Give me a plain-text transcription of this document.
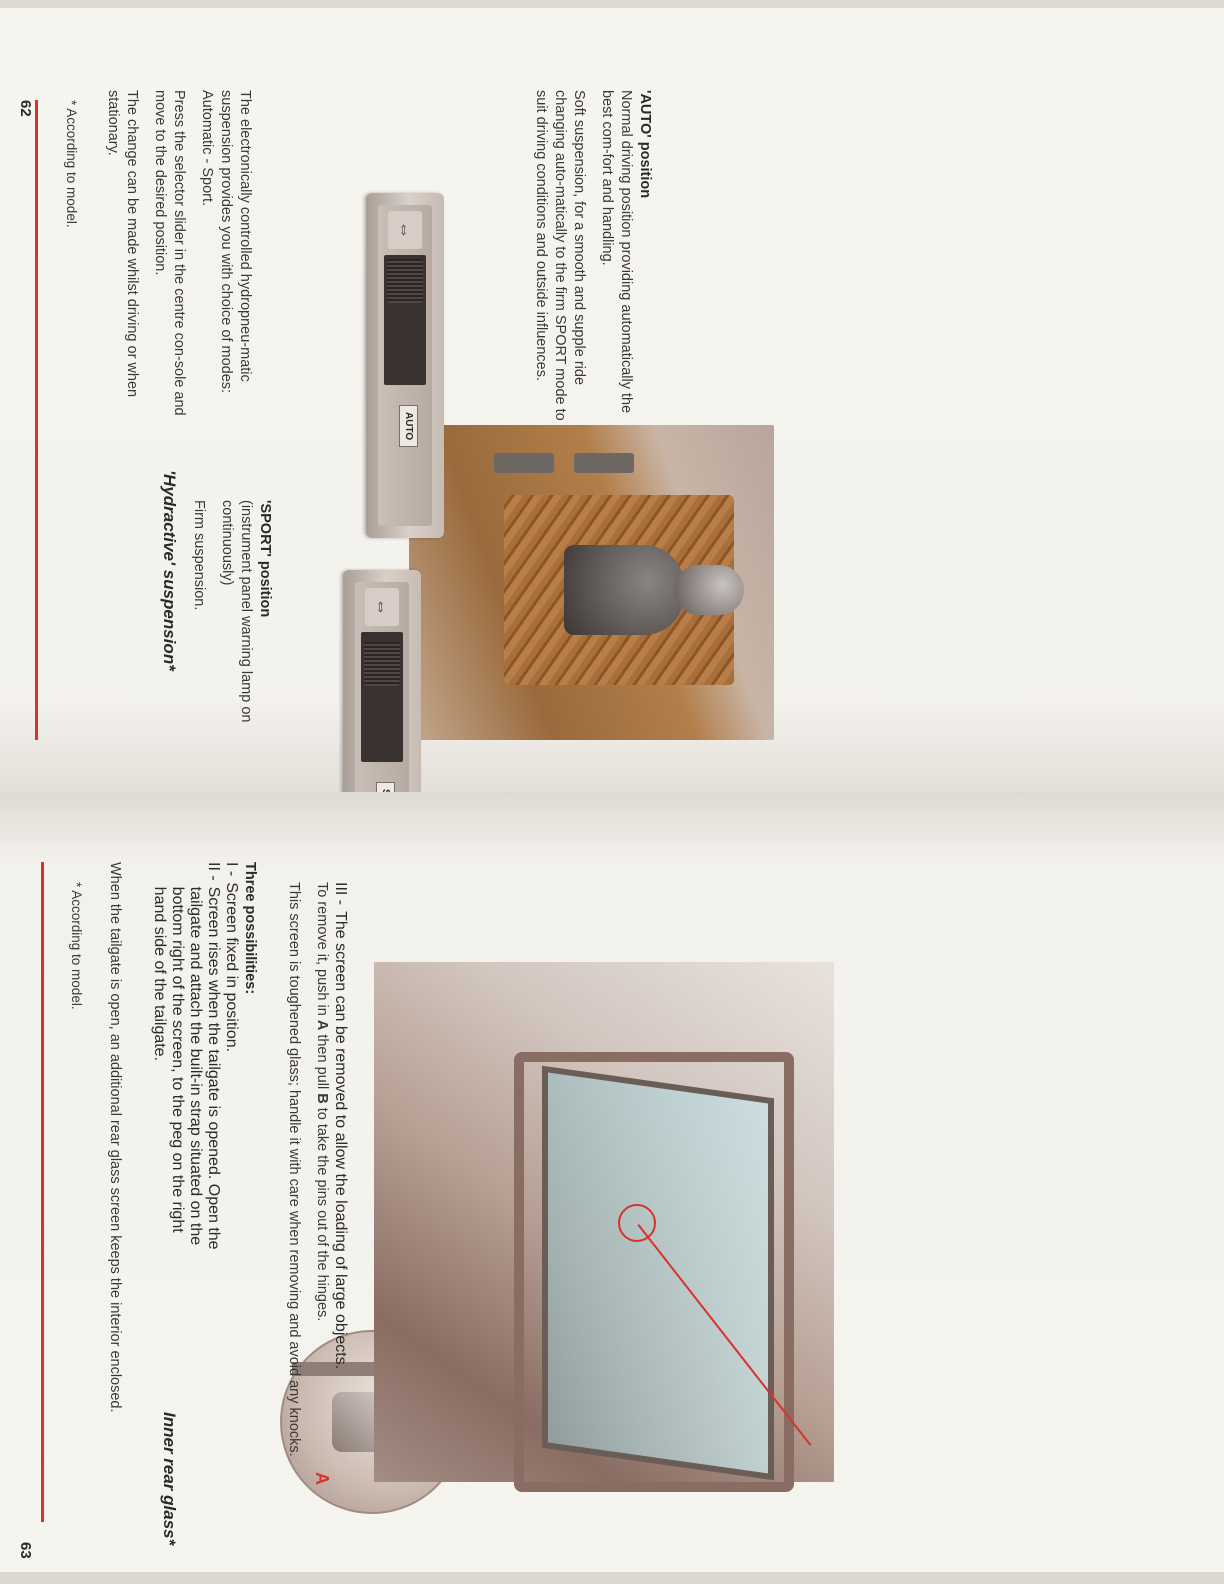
'Hydractive' suspension*

The electronically controlled hydropneu-matic suspension provides you with choice of modes: Automatic - Sport.

Press the selector slider in the centre con-sole and move to the desired position.

The change can be made whilst driving or when stationary.

⇔
AUTO
'AUTO' position

Normal driving position providing automatically the best com-fort and handling.

Soft suspension, for a smooth and supple ride changing auto-matically to the firm SPORT mode to suit driving conditions and outside influences.

⇔
'SPORT' position

(instrument panel warning lamp on continuously)

Firm suspension.

* According to model.
62
Inner rear glass*

When the tailgate is open, an additional rear glass screen keeps the interior enclosed.	Three possibilities:
I -
Screen fixed in position.
II -
Screen rises when the tailgate is opened. Open the tailgate and attach the built-in strap situated on the bottom right of the screen, to the peg on the right hand side of the tailgate.
A
III -
The screen can be removed to allow the loading of large objects.

To remove it, push in A then pull B to take the pins out of the hinges.

This screen is toughened glass; handle it with care when removing and avoid any knocks.

* According to model.
63
